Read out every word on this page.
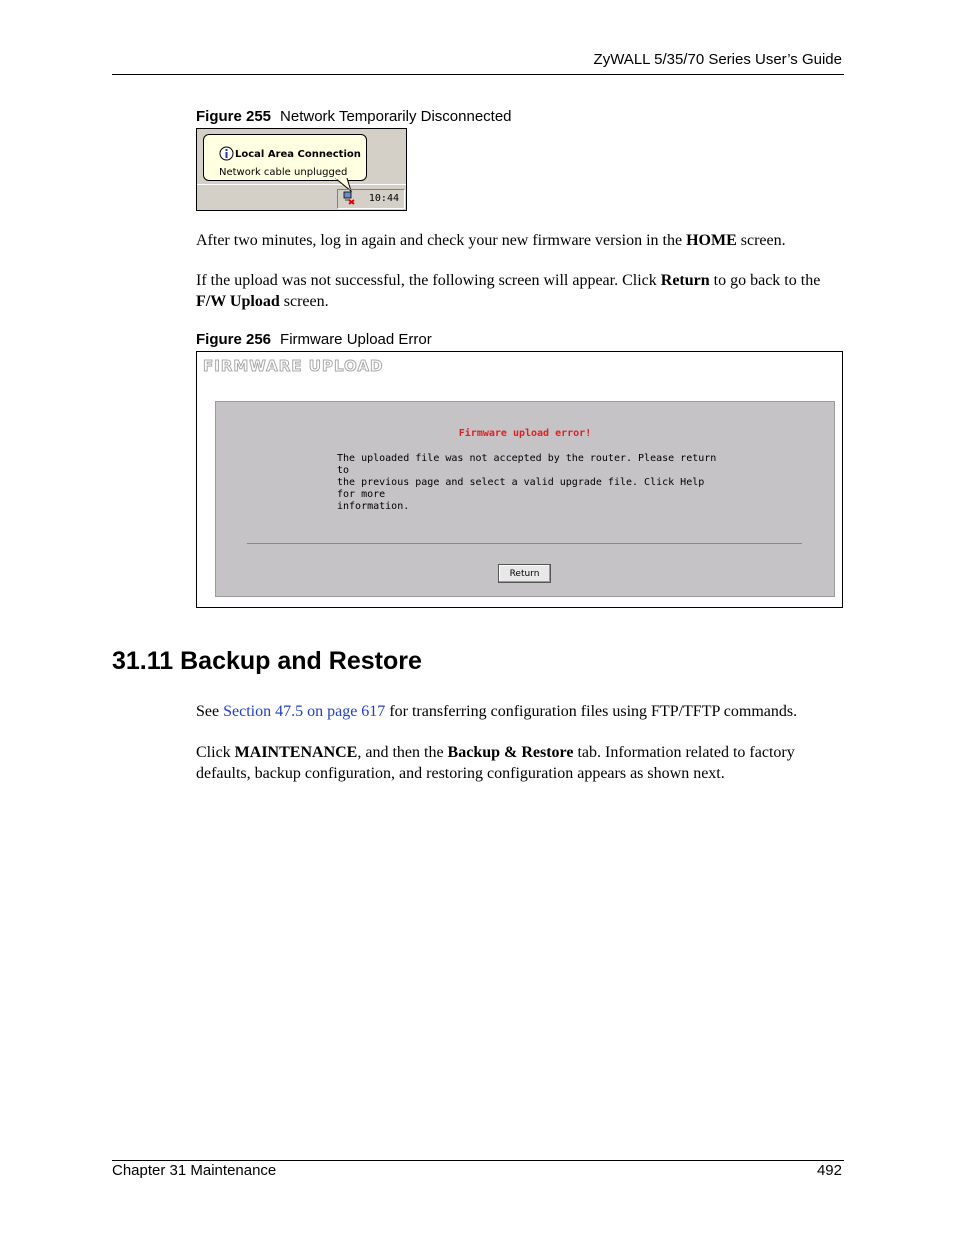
ZyWALL 5/35/70 Series User’s Guide
Figure 255 Network Temporarily Disconnected
Local Area Connection
Network cable unplugged
10:44
After two minutes, log in again and check your new firmware version in the HOME screen.
If the upload was not successful, the following screen will appear. Click Return to go back to the F/W Upload screen.
Figure 256 Firmware Upload Error
FIRMWARE UPLOAD
Firmware upload error!
The uploaded file was not accepted by the router. Please return to
the previous page and select a valid upgrade file. Click Help for more
information.
Return
31.11 Backup and Restore
See Section 47.5 on page 617 for transferring configuration files using FTP/TFTP commands.
Click MAINTENANCE, and then the Backup & Restore tab. Information related to factory defaults, backup configuration, and restoring configuration appears as shown next.
Chapter 31 Maintenance	492
